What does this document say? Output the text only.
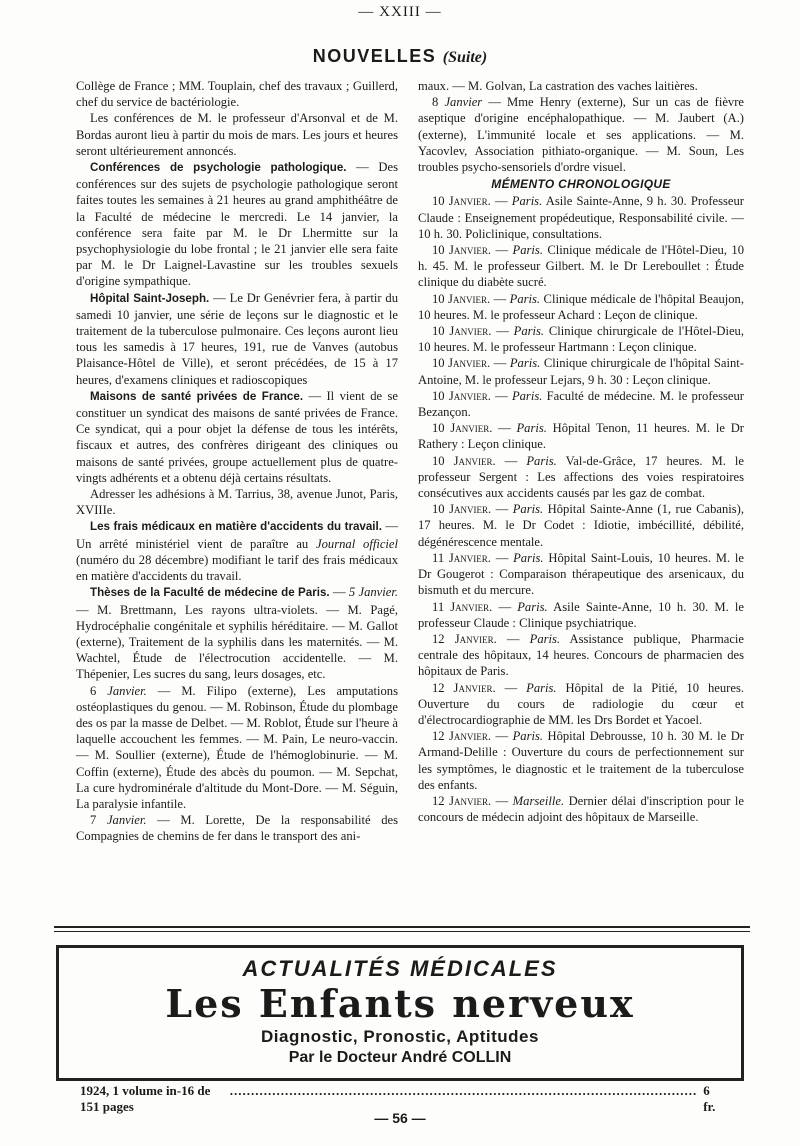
— XXIII —
NOUVELLES (Suite)

Collège de France ; MM. Touplain, chef des travaux ; Guillerd, chef du service de bactériologie.

Les conférences de M. le professeur d'Arsonval et de M. Bordas auront lieu à partir du mois de mars. Les jours et heures seront ultérieurement annoncés.

Conférences de psychologie pathologique. — Des conférences sur des sujets de psychologie pathologique seront faites toutes les semaines à 21 heures au grand amphithéâtre de la Faculté de médecine le mercredi. Le 14 janvier, la conférence sera faite par M. le Dr Lhermitte sur la psychophysiologie du lobe frontal ; le 21 janvier elle sera faite par M. le Dr Laignel-Lavastine sur les troubles sexuels d'origine sympathique.

Hôpital Saint-Joseph. — Le Dr Genévrier fera, à partir du samedi 10 janvier, une série de leçons sur le diagnostic et le traitement de la tuberculose pulmonaire. Ces leçons auront lieu tous les samedis à 17 heures, 191, rue de Vanves (autobus Plaisance-Hôtel de Ville), et seront précédées, de 15 à 17 heures, d'examens cliniques et radioscopiques

Maisons de santé privées de France. — Il vient de se constituer un syndicat des maisons de santé privées de France. Ce syndicat, qui a pour objet la défense de tous les intérêts, fiscaux et autres, des confrères dirigeant des cliniques ou maisons de santé privées, groupe actuellement plus de quatre-vingts adhérents et a obtenu déjà certains résultats.

Adresser les adhésions à M. Tarrius, 38, avenue Junot, Paris, XVIIIe.

Les frais médicaux en matière d'accidents du travail. — Un arrêté ministériel vient de paraître au Journal officiel (numéro du 28 décembre) modifiant le tarif des frais médicaux en matière d'accidents du travail.

Thèses de la Faculté de médecine de Paris. — 5 Janvier. — M. Brettmann, Les rayons ultra-violets. — M. Pagé, Hydrocéphalie congénitale et syphilis héréditaire. — M. Gallot (externe), Traitement de la syphilis dans les maternités. — M. Wachtel, Étude de l'électrocution accidentelle. — M. Thépenier, Les sucres du sang, leurs dosages, etc.

6 Janvier. — M. Filipo (externe), Les amputations ostéoplastiques du genou. — M. Robinson, Étude du plombage des os par la masse de Delbet. — M. Roblot, Étude sur l'heure à laquelle accouchent les femmes. — M. Pain, Le neuro-vaccin. — M. Soullier (externe), Étude de l'hémoglobinurie. — M. Coffin (externe), Étude des abcès du poumon. — M. Sepchat, La cure hydrominérale d'altitude du Mont-Dore. — M. Séguin, La paralysie infantile.

7 Janvier. — M. Lorette, De la responsabilité des Compagnies de chemins de fer dans le transport des ani-

maux. — M. Golvan, La castration des vaches laitières.

8 Janvier — Mme Henry (externe), Sur un cas de fièvre aseptique d'origine encéphalopathique. — M. Jaubert (A.) (externe), L'immunité locale et ses applications. — M. Yacovlev, Association pithiato-organique. — M. Soun, Les troubles psycho-sensoriels d'ordre visuel.

MÉMENTO CHRONOLOGIQUE

10 Janvier. — Paris. Asile Sainte-Anne, 9 h. 30. Professeur Claude : Enseignement propédeutique, Responsabilité civile. — 10 h. 30. Policlinique, consultations.

10 Janvier. — Paris. Clinique médicale de l'Hôtel-Dieu, 10 h. 45. M. le professeur Gilbert. M. le Dr Lereboullet : Étude clinique du diabète sucré.

10 Janvier. — Paris. Clinique médicale de l'hôpital Beaujon, 10 heures. M. le professeur Achard : Leçon de clinique.

10 Janvier. — Paris. Clinique chirurgicale de l'Hôtel-Dieu, 10 heures. M. le professeur Hartmann : Leçon clinique.

10 Janvier. — Paris. Clinique chirurgicale de l'hôpital Saint-Antoine, M. le professeur Lejars, 9 h. 30 : Leçon clinique.

10 Janvier. — Paris. Faculté de médecine. M. le professeur Bezançon.

10 Janvier. — Paris. Hôpital Tenon, 11 heures. M. le Dr Rathery : Leçon clinique.

10 Janvier. — Paris. Val-de-Grâce, 17 heures. M. le professeur Sergent : Les affections des voies respiratoires consécutives aux accidents causés par les gaz de combat.

10 Janvier. — Paris. Hôpital Sainte-Anne (1, rue Cabanis), 17 heures. M. le Dr Codet : Idiotie, imbécillité, débilité, dégénérescence mentale.

11 Janvier. — Paris. Hôpital Saint-Louis, 10 heures. M. le Dr Gougerot : Comparaison thérapeutique des arsenicaux, du bismuth et du mercure.

11 Janvier. — Paris. Asile Sainte-Anne, 10 h. 30. M. le professeur Claude : Clinique psychiatrique.

12 Janvier. — Paris. Assistance publique, Pharmacie centrale des hôpitaux, 14 heures. Concours de pharmacien des hôpitaux de Paris.

12 Janvier. — Paris. Hôpital de la Pitié, 10 heures. Ouverture du cours de radiologie du cœur et d'électrocardiographie de MM. les Drs Bordet et Yacoel.

12 Janvier. — Paris. Hôpital Debrousse, 10 h. 30 M. le Dr Armand-Delille : Ouverture du cours de perfectionnement sur les symptômes, le diagnostic et le traitement de la tuberculose des enfants.

12 Janvier. — Marseille. Dernier délai d'inscription pour le concours de médecin adjoint des hôpitaux de Marseille.

ACTUALITÉS MÉDICALES
Les Enfants nerveux
Diagnostic, Pronostic, Aptitudes
Par le Docteur André COLLIN
1924, 1 volume in-16 de 151 pages
.............................................................................................................. 6 fr.
— 56 —
